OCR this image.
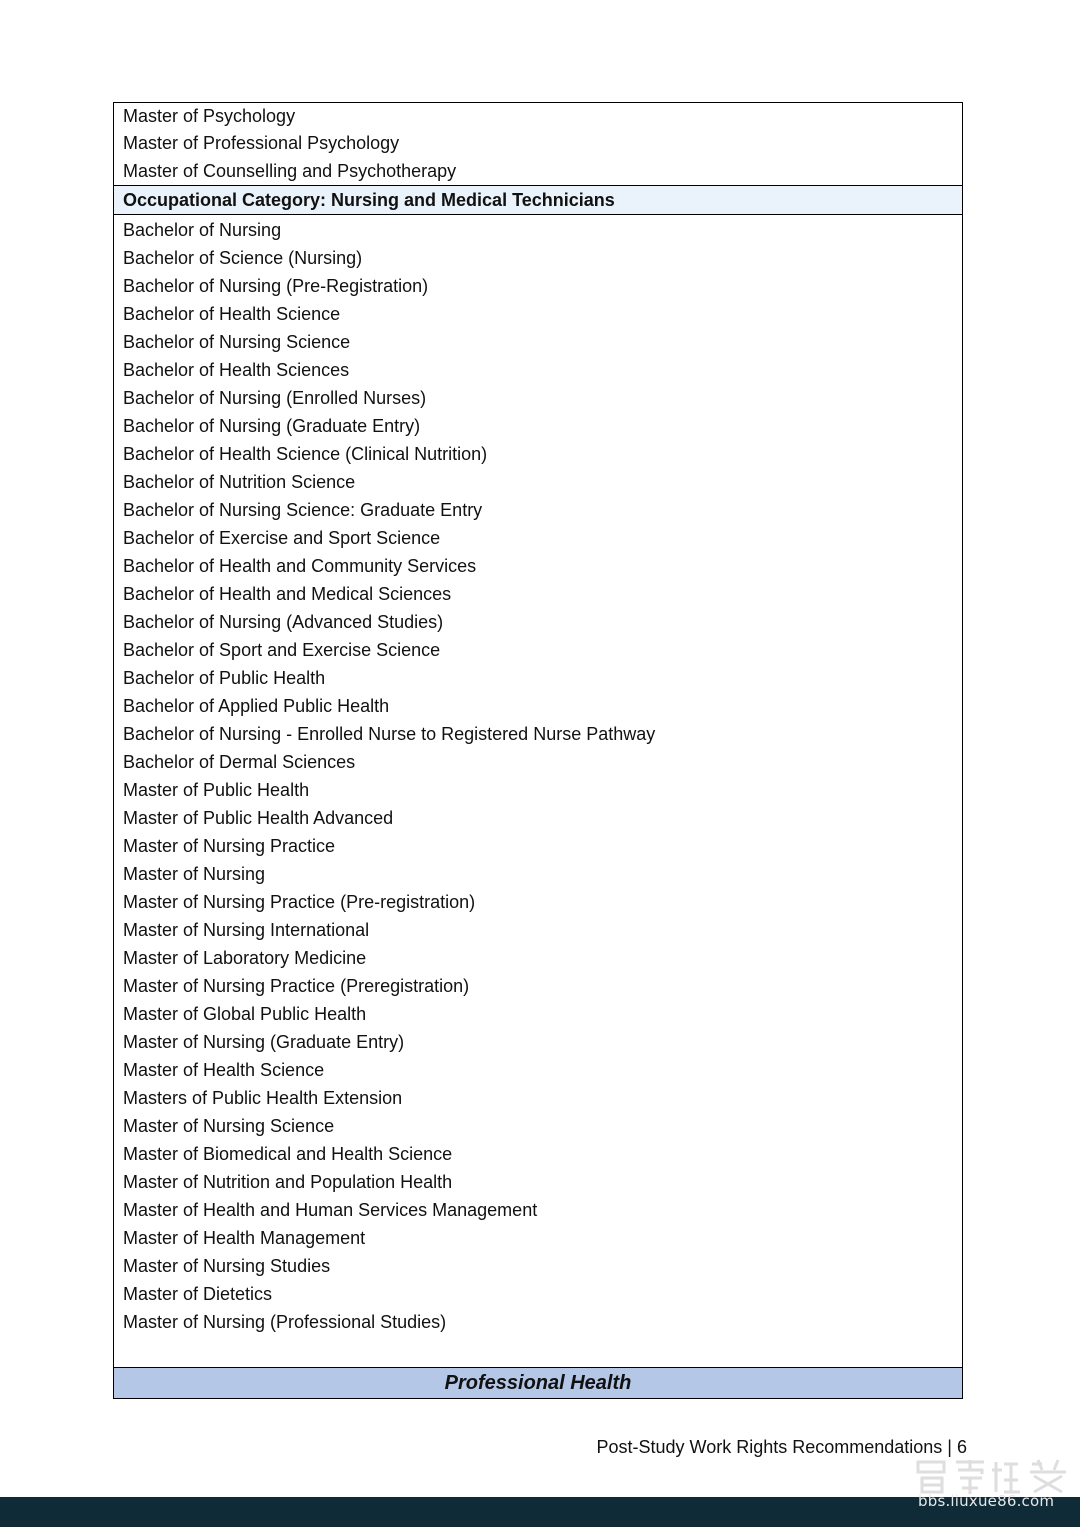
Master of Psychology
Master of Professional Psychology
Master of Counselling and Psychotherapy
Occupational Category: Nursing and Medical Technicians
Bachelor of Nursing
Bachelor of Science (Nursing)
Bachelor of Nursing (Pre-Registration)
Bachelor of Health Science
Bachelor of Nursing Science
Bachelor of Health Sciences
Bachelor of Nursing (Enrolled Nurses)
Bachelor of Nursing (Graduate Entry)
Bachelor of Health Science (Clinical Nutrition)
Bachelor of Nutrition Science
Bachelor of Nursing Science: Graduate Entry
Bachelor of Exercise and Sport Science
Bachelor of Health and Community Services
Bachelor of Health and Medical Sciences
Bachelor of Nursing (Advanced Studies)
Bachelor of Sport and Exercise Science
Bachelor of Public Health
Bachelor of Applied Public Health
Bachelor of Nursing - Enrolled Nurse to Registered Nurse Pathway
Bachelor of Dermal Sciences
Master of Public Health
Master of Public Health Advanced
Master of Nursing Practice
Master of Nursing
Master of Nursing Practice (Pre-registration)
Master of Nursing International
Master of Laboratory Medicine
Master of Nursing Practice (Preregistration)
Master of Global Public Health
Master of Nursing (Graduate Entry)
Master of Health Science
Masters of Public Health Extension
Master of Nursing Science
Master of Biomedical and Health Science
Master of Nutrition and Population Health
Master of Health and Human Services Management
Master of Health Management
Master of Nursing Studies
Master of Dietetics
Master of Nursing (Professional Studies)
Professional Health
Post-Study Work Rights Recommendations | 6
bbs.liuxue86.com
